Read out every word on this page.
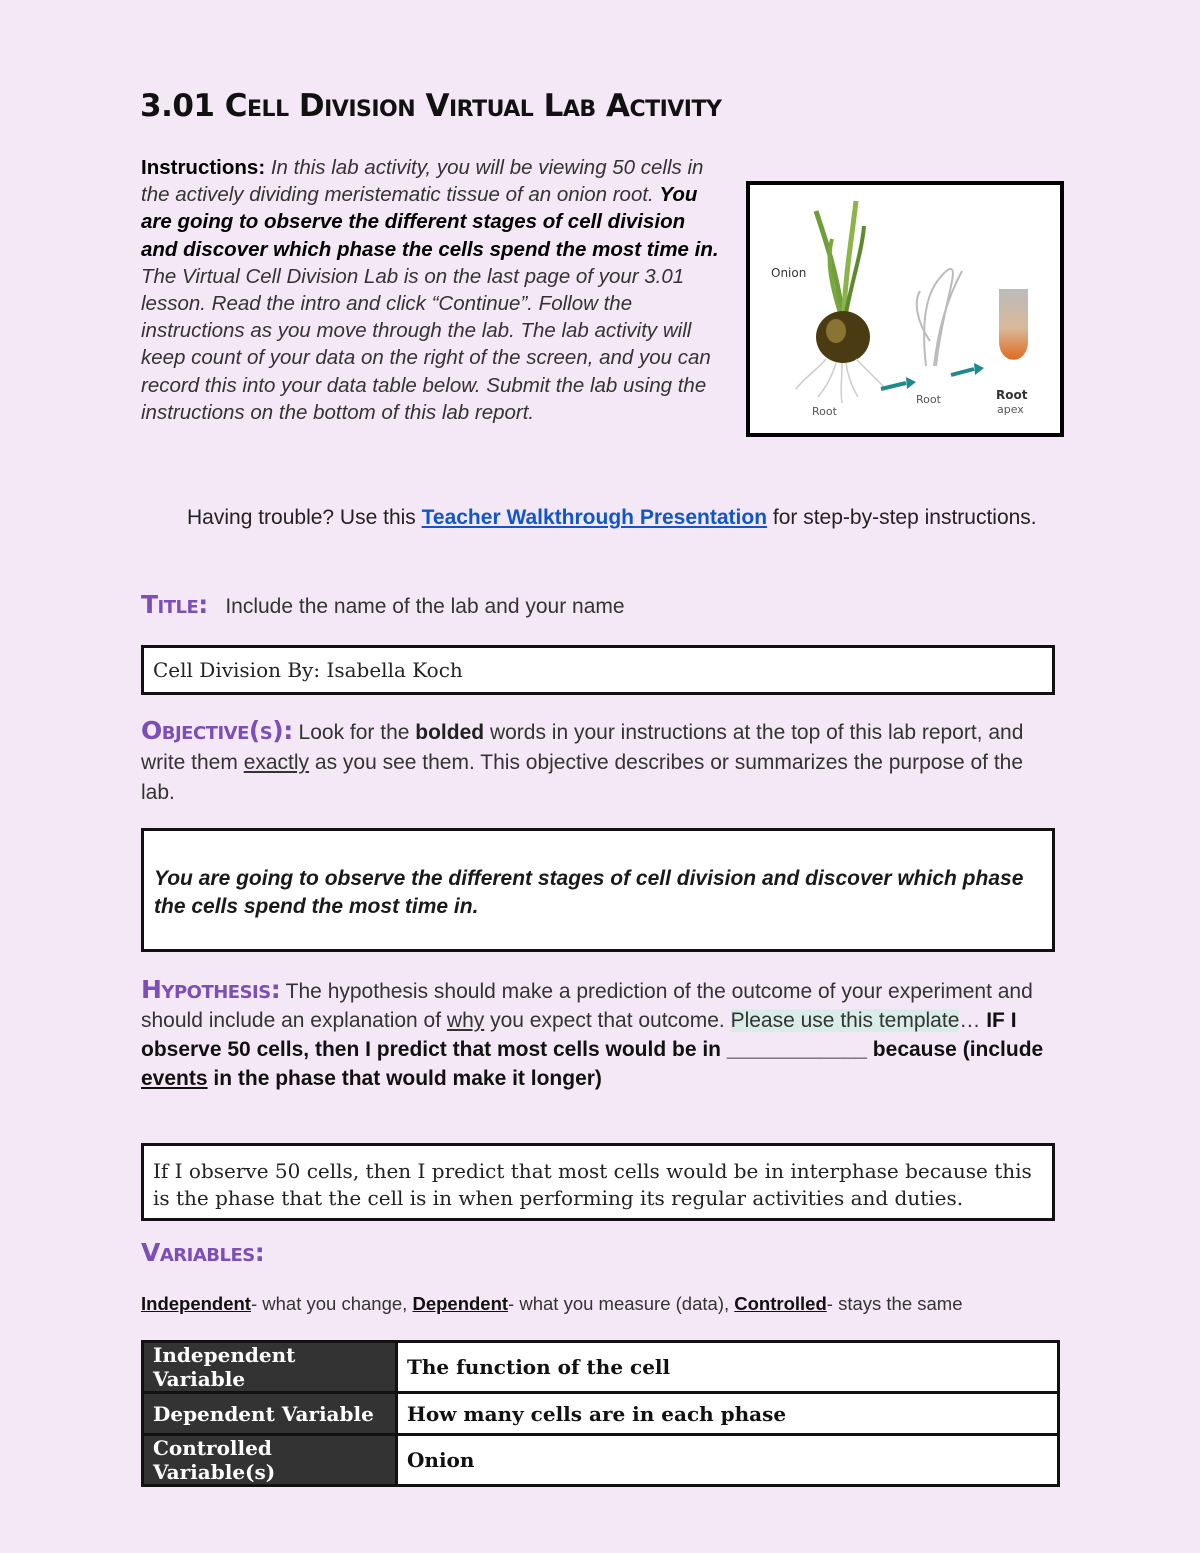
3.01 Cell Division Virtual Lab Activity
Instructions: In this lab activity, you will be viewing 50 cells in the actively dividing meristematic tissue of an onion root. You are going to observe the different stages of cell division and discover which phase the cells spend the most time in. The Virtual Cell Division Lab is on the last page of your 3.01 lesson. Read the intro and click “Continue”. Follow the instructions as you move through the lab. The lab activity will keep count of your data on the right of the screen, and you can record this into your data table below. Submit the lab using the instructions on the bottom of this lab report.
Onion
Root
Root	Root
apex
Having trouble? Use this Teacher Walkthrough Presentation for step-by-step instructions.
Title: Include the name of the lab and your name
Cell Division By: Isabella Koch
Objective(s): Look for the bolded words in your instructions at the top of this lab report, and write them exactly as you see them. This objective describes or summarizes the purpose of the lab.
You are going to observe the different stages of cell division and discover which phase the cells spend the most time in.
Hypothesis: The hypothesis should make a prediction of the outcome of your experiment and should include an explanation of why you expect that outcome. Please use this template… IF I observe 50 cells, then I predict that most cells would be in ____________ because (include events in the phase that would make it longer)
If I observe 50 cells, then I predict that most cells would be in interphase because this is the phase that the cell is in when performing its regular activities and duties.
Variables:
Independent- what you change, Dependent- what you measure (data), Controlled- stays the same
Independent Variable	The function of the cell
Dependent Variable	How many cells are in each phase
Controlled Variable(s)	Onion
